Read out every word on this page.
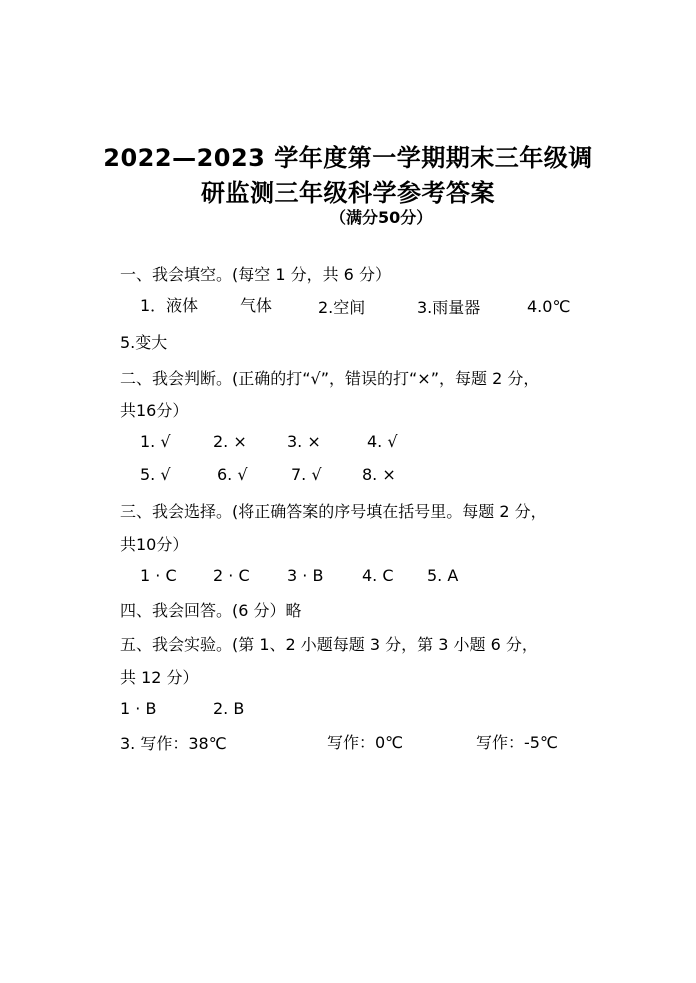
2022—2023 学年度第一学期期末三年级调
研监测三年级科学参考答案
（满分50分）
一、我会填空。(每空 1 分，共 6 分）
1．液体	气体	2.空间	3.雨量器	4.0℃
5.变大
二、我会判断。(正确的打“√”，错误的打“×”，每题 2 分，
共16分）
1. √	2. ×	3. ×	4. √
5. √	6. √	7. √	8. ×
三、我会选择。(将正确答案的序号填在括号里。每题 2 分，
共10分）
1 · C 2 · C 3 · B 4. C 5. A
四、我会回答。(6 分）略
五、我会实验。(第 1、2 小题每题 3 分，第 3 小题 6 分，
共 12 分）
1 · B	2. B
3. 写作：38℃	写作：0℃	写作：-5℃
